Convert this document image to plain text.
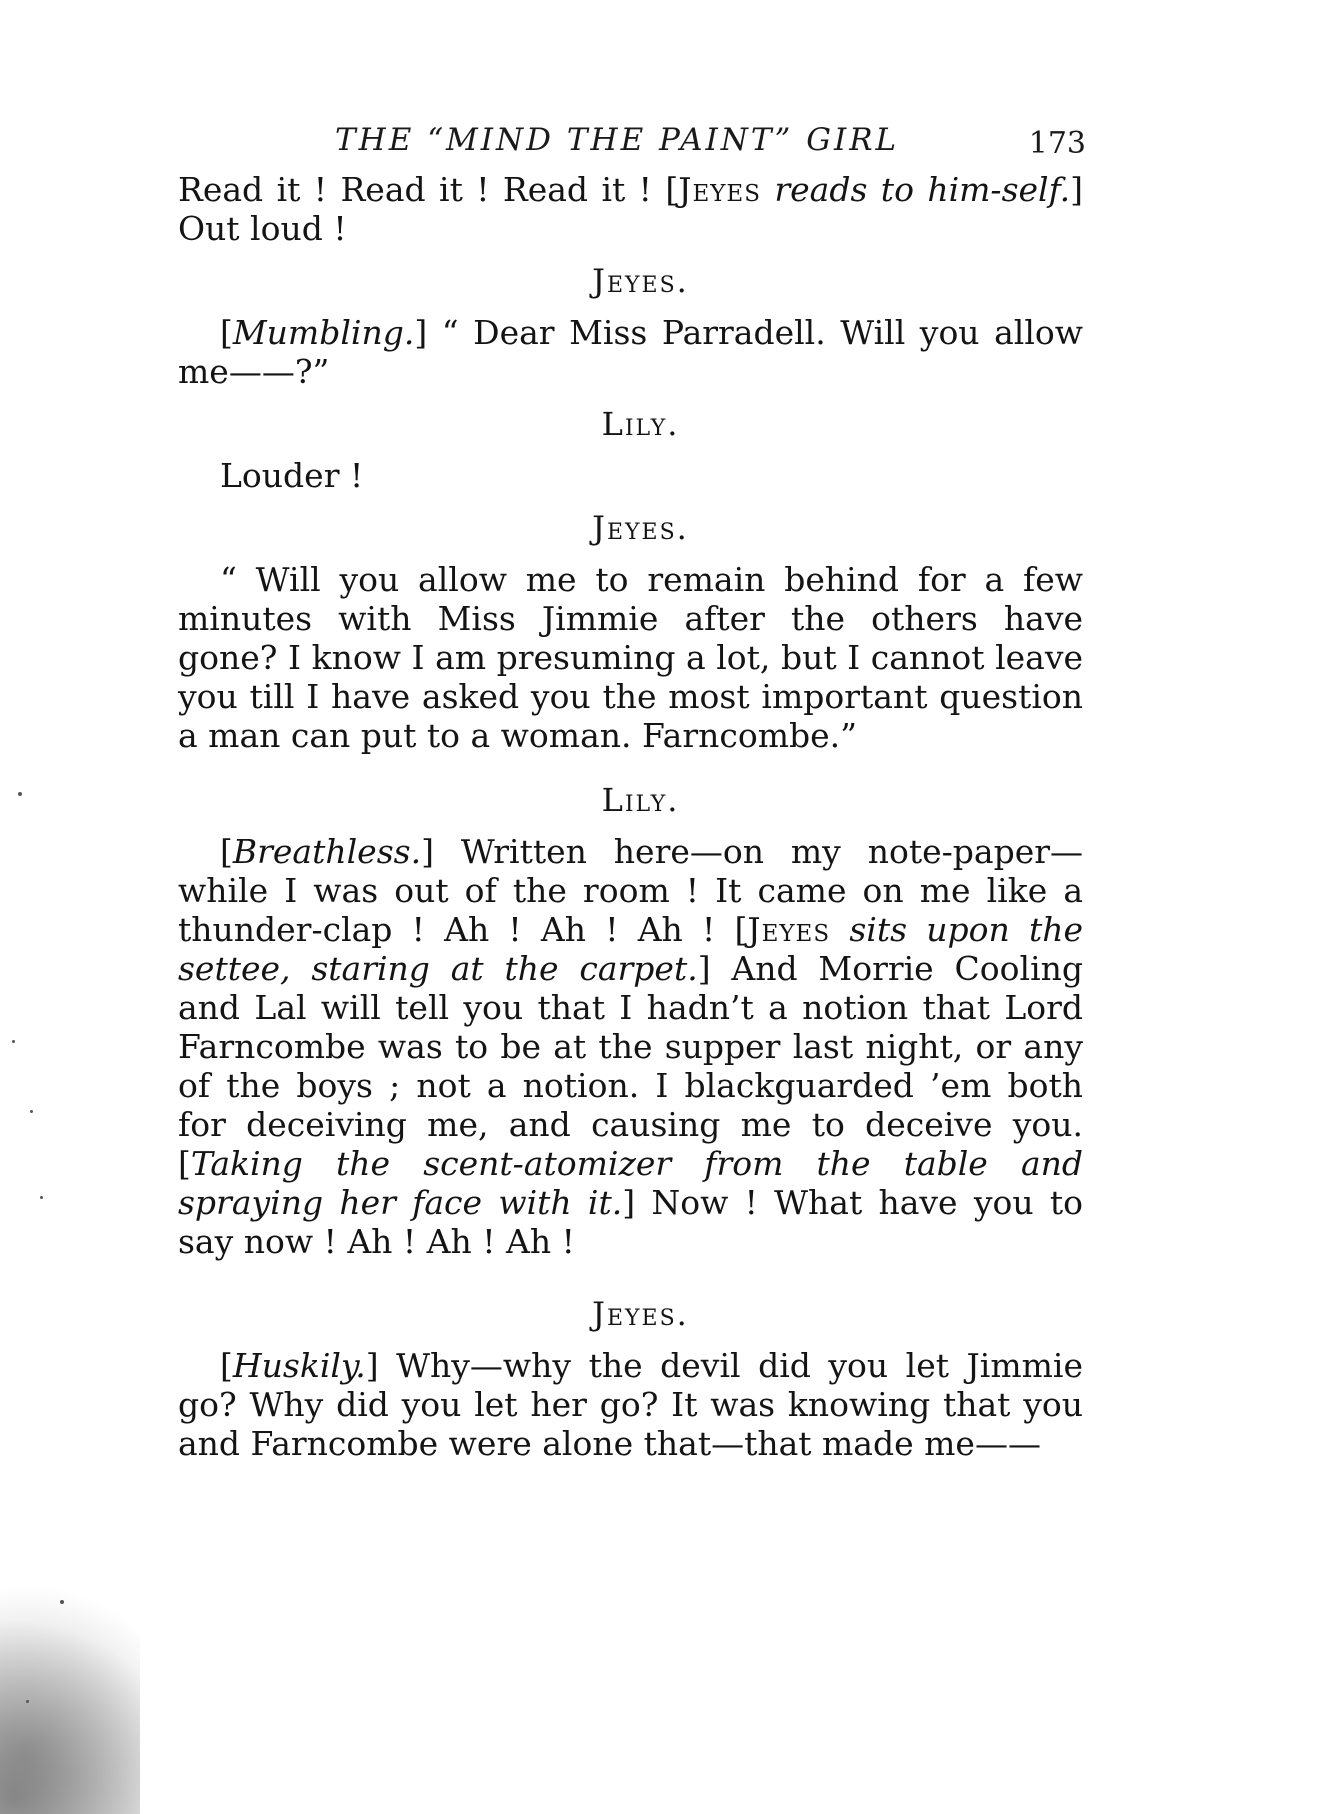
THE “MIND THE PAINT” GIRL	173

Read it ! Read it ! Read it ! [Jeyes reads to him-self.] Out loud !

Jeyes.

[Mumbling.] “ Dear Miss Parradell. Will you allow me——?”

Lily.

Louder !

Jeyes.

“ Will you allow me to remain behind for a few minutes with Miss Jimmie after the others have gone? I know I am presuming a lot, but I cannot leave you till I have asked you the most important question a man can put to a woman. Farncombe.”

Lily.

[Breathless.] Written here—on my note-paper—while I was out of the room ! It came on me like a thunder-clap ! Ah ! Ah ! Ah ! [Jeyes sits upon the settee, staring at the carpet.] And Morrie Cooling and Lal will tell you that I hadn’t a notion that Lord Farncombe was to be at the supper last night, or any of the boys ; not a notion. I blackguarded ’em both for deceiving me, and causing me to deceive you. [Taking the scent-atomizer from the table and spraying her face with it.] Now ! What have you to say now ! Ah ! Ah ! Ah !

Jeyes.

[Huskily.] Why—why the devil did you let Jimmie go? Why did you let her go? It was knowing that you and Farncombe were alone that—that made me——
